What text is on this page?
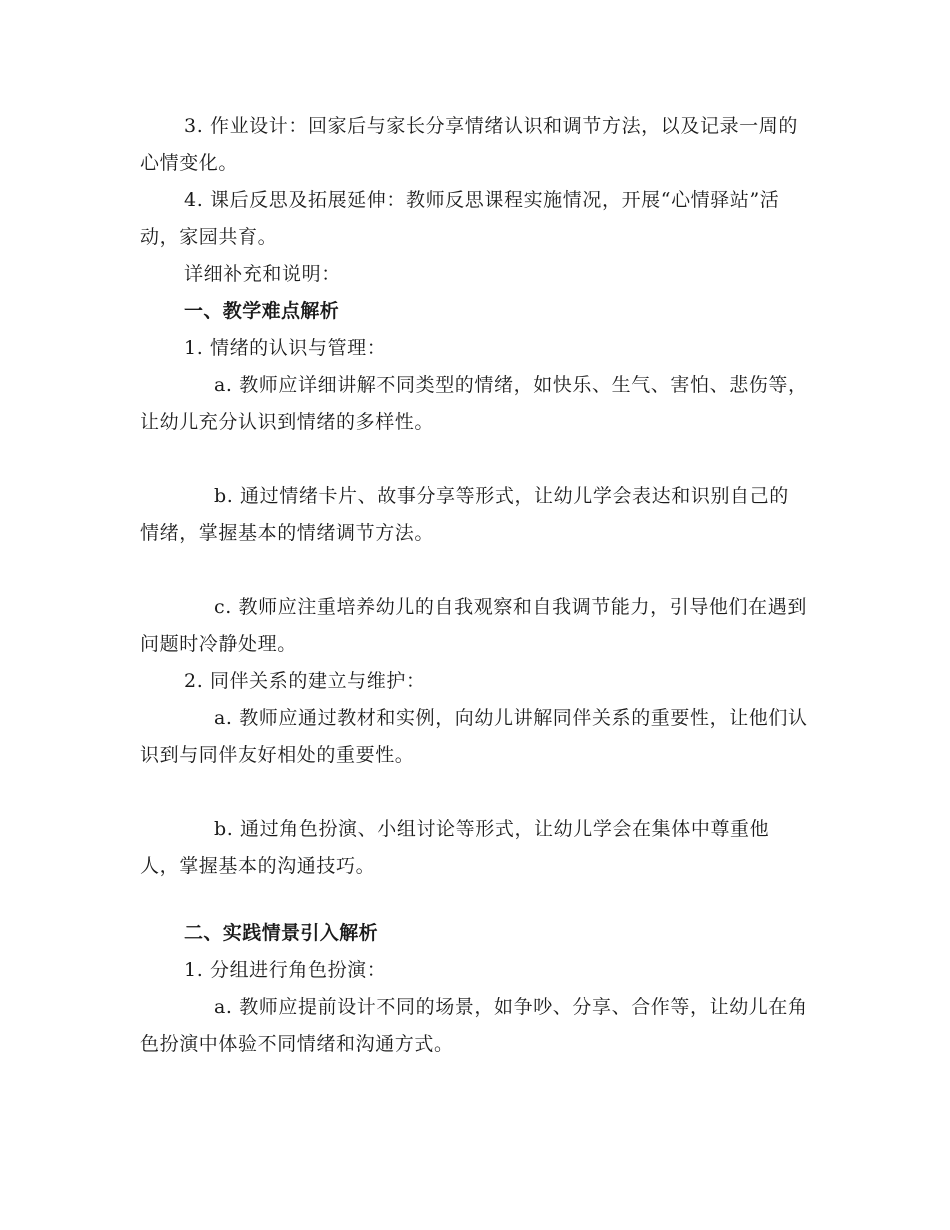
3. 作业设计：回家后与家长分享情绪认识和调节方法，以及记录一周的心情变化。

4. 课后反思及拓展延伸：教师反思课程实施情况，开展“心情驿站”活动，家园共育。

详细补充和说明：

一、教学难点解析

1. 情绪的认识与管理：

a. 教师应详细讲解不同类型的情绪，如快乐、生气、害怕、悲伤等，让幼儿充分认识到情绪的多样性。

b. 通过情绪卡片、故事分享等形式，让幼儿学会表达和识别自己的情绪，掌握基本的情绪调节方法。

c. 教师应注重培养幼儿的自我观察和自我调节能力，引导他们在遇到问题时冷静处理。

2. 同伴关系的建立与维护：

a. 教师应通过教材和实例，向幼儿讲解同伴关系的重要性，让他们认识到与同伴友好相处的重要性。

b. 通过角色扮演、小组讨论等形式，让幼儿学会在集体中尊重他人，掌握基本的沟通技巧。

二、实践情景引入解析

1. 分组进行角色扮演：

a. 教师应提前设计不同的场景，如争吵、分享、合作等，让幼儿在角色扮演中体验不同情绪和沟通方式。
